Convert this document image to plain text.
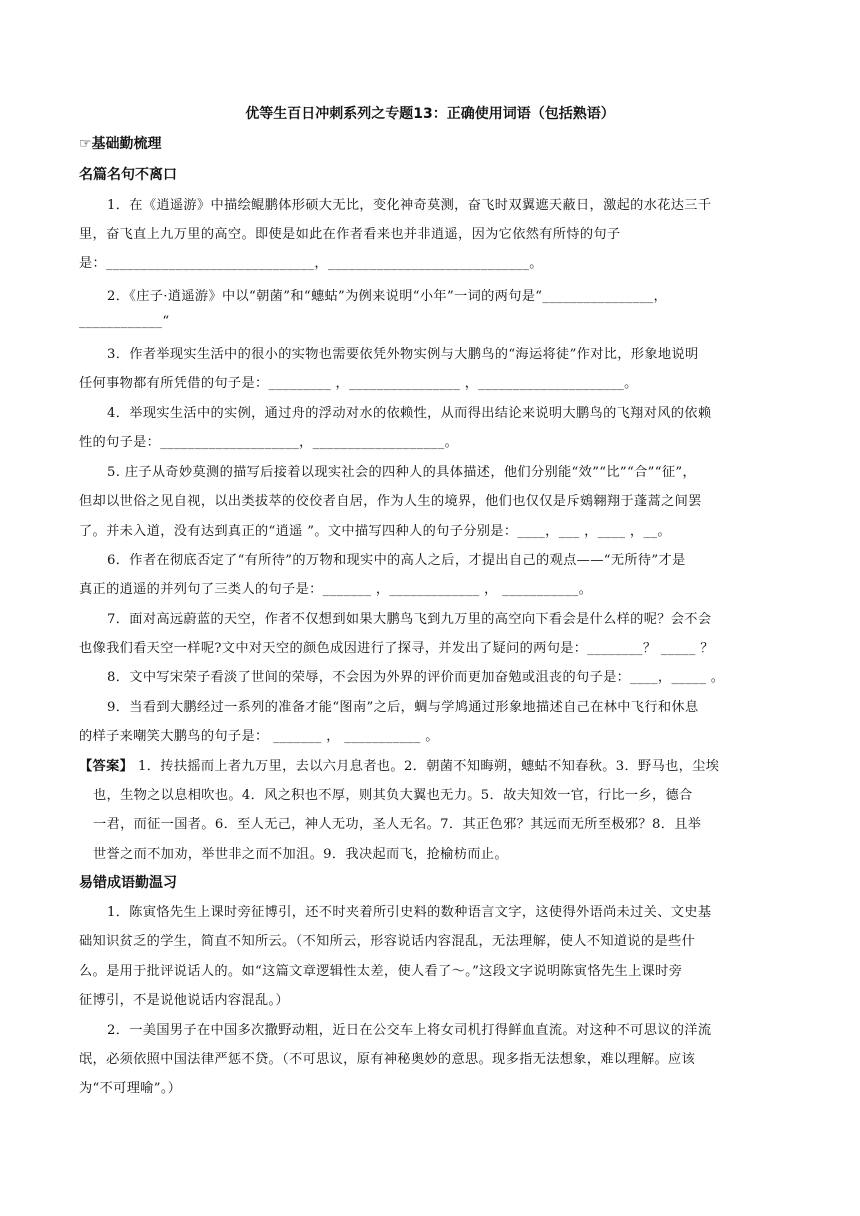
优等生百日冲刺系列之专题13：正确使用词语（包括熟语）
☞基础勤梳理
名篇名句不离口
1．在《逍遥游》中描绘鲲鹏体形硕大无比，变化神奇莫测，奋飞时双翼遮天蔽日，激起的水花达三千
里，奋飞直上九万里的高空。即使是如此在作者看来也并非逍遥，因为它依然有所恃的句子
是：______________________________，_____________________________。
2．《庄子·逍遥游》中以“朝菌”和“蟪蛄”为例来说明“小年”一词的两句是“________________，
____________“
3．作者举现实生活中的很小的实物也需要依凭外物实例与大鹏鸟的“海运将徒”作对比，形象地说明
任何事物都有所凭借的句子是：_________ ，________________ ，_____________________。
4．举现实生活中的实例，通过舟的浮动对水的依赖性，从而得出结论来说明大鹏鸟的飞翔对风的依赖
性的句子是：____________________，___________________。
5. 庄子从奇妙莫测的描写后接着以现实社会的四种人的具体描述，他们分别能“效”“比”“合”“征”，
但却以世俗之见自视，以出类拔萃的佼佼者自居，作为人生的境界，他们也仅仅是斥鴳翱翔于蓬蒿之间罢
了。并未入道，没有达到真正的“逍遥 ”。文中描写四种人的句子分别是：____，___ ，____ ，__。
6．作者在彻底否定了“有所待”的万物和现实中的高人之后，才提出自己的观点——“无所待”才是
真正的逍遥的并列句了三类人的句子是：_______ ，_____________ ， ___________。
7．面对高远蔚蓝的天空，作者不仅想到如果大鹏鸟飞到九万里的高空向下看会是什么样的呢？会不会
也像我们看天空一样呢?文中对天空的颜色成因进行了探寻，并发出了疑问的两句是：________？ _____ ？
8．文中写宋荣子看淡了世间的荣辱，不会因为外界的评价而更加奋勉或沮丧的句子是：____，_____ 。
9．当看到大鹏经过一系列的准备才能“图南”之后，蜩与学鸠通过形象地描述自己在林中飞行和休息
的样子来嘲笑大鹏鸟的句子是： _______ ， ___________ 。
【答案】 1．抟扶摇而上者九万里，去以六月息者也。2．朝菌不知晦朔，蟪蛄不知春秋。3．野马也，尘埃
也，生物之以息相吹也。4．风之积也不厚，则其负大翼也无力。5．故夫知效一官，行比一乡，德合
一君，而征一国者。6．至人无己，神人无功，圣人无名。7．其正色邪？其远而无所至极邪？8．且举
世誉之而不加劝，举世非之而不加沮。9．我决起而飞，抢榆枋而止。
易错成语勤温习
1．陈寅恪先生上课时旁征博引，还不时夹着所引史料的数种语言文字，这使得外语尚未过关、文史基
础知识贫乏的学生，简直不知所云。（不知所云，形容说话内容混乱，无法理解，使人不知道说的是些什
么。是用于批评说话人的。如“这篇文章逻辑性太差，使人看了～。”这段文字说明陈寅恪先生上课时旁
征博引，不是说他说话内容混乱。）
2．一美国男子在中国多次撒野动粗，近日在公交车上将女司机打得鲜血直流。对这种不可思议的洋流
氓，必须依照中国法律严惩不贷。（不可思议，原有神秘奥妙的意思。现多指无法想象，难以理解。应该
为“不可理喻”。）
